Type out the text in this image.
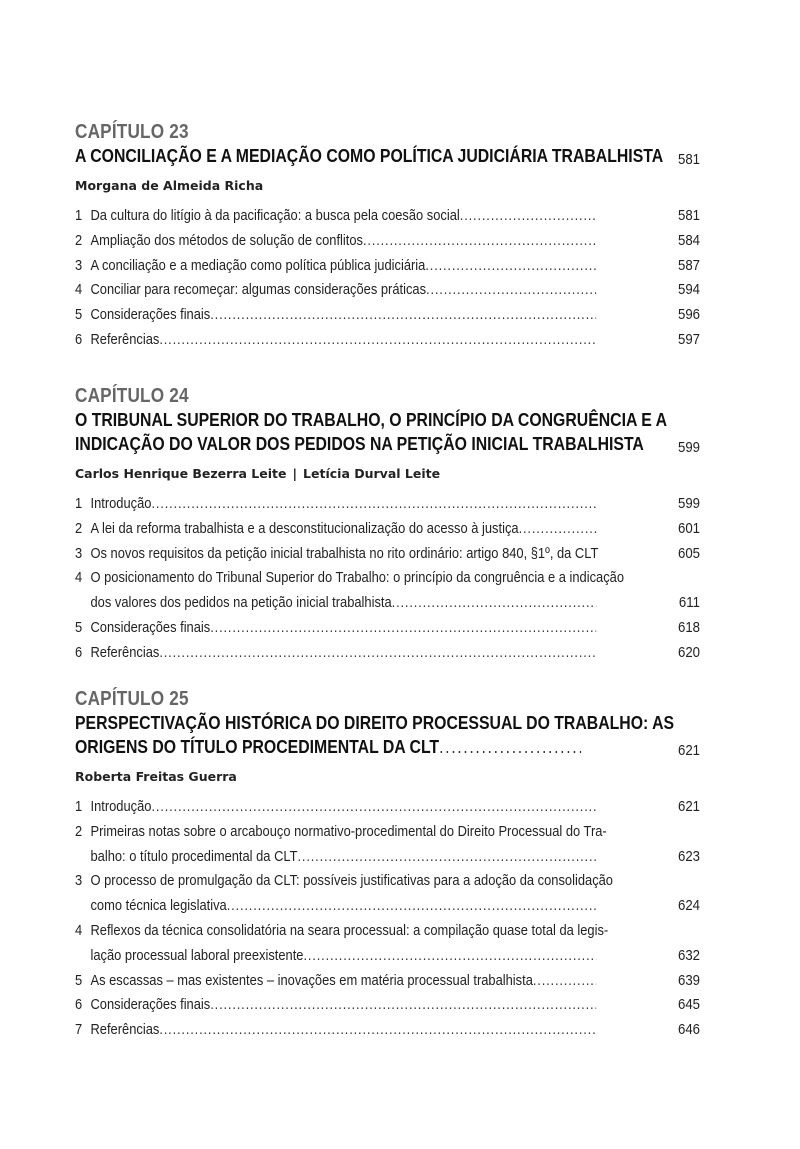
CAPÍTULO 23
A CONCILIAÇÃO E A MEDIAÇÃO COMO POLÍTICA JUDICIÁRIA TRABALHISTA 581
Morgana de Almeida Richa
1 Da cultura do litígio à da pacificação: a busca pela coesão social . . .	581
2 Ampliação dos métodos de solução de conflitos . . .	584
3 A conciliação e a mediação como política pública judiciária . . .	587
4 Conciliar para recomeçar: algumas considerações práticas . . .	594
5 Considerações finais . . .	596
6 Referências . . .	597
CAPÍTULO 24
O TRIBUNAL SUPERIOR DO TRABALHO, O PRINCÍPIO DA CONGRUÊNCIA E A
INDICAÇÃO DO VALOR DOS PEDIDOS NA PETIÇÃO INICIAL TRABALHISTA 599
Carlos Henrique Bezerra Leite | Letícia Durval Leite
1 Introdução . . .	599
2 A lei da reforma trabalhista e a desconstitucionalização do acesso à justiça . . .	601
3 Os novos requisitos da petição inicial trabalhista no rito ordinário: artigo 840, §1º, da CLT	605
4 O posicionamento do Tribunal Superior do Trabalho: o princípio da congruência e a indicação
dos valores dos pedidos na petição inicial trabalhista . . .	611
5 Considerações finais . . .	618
6 Referências . . .	620
CAPÍTULO 25
PERSPECTIVAÇÃO HISTÓRICA DO DIREITO PROCESSUAL DO TRABALHO: AS
ORIGENS DO TÍTULO PROCEDIMENTAL DA CLT . . .	621
Roberta Freitas Guerra
1 Introdução . . .	621
2 Primeiras notas sobre o arcabouço normativo-procedimental do Direito Processual do Tra-
balho: o título procedimental da CLT . . .	623
3 O processo de promulgação da CLT: possíveis justificativas para a adoção da consolidação
como técnica legislativa . . .	624
4 Reflexos da técnica consolidatória na seara processual: a compilação quase total da legis-
lação processual laboral preexistente . . .	632
5 As escassas – mas existentes – inovações em matéria processual trabalhista . . .	639
6 Considerações finais . . .	645
7 Referências . . .	646
